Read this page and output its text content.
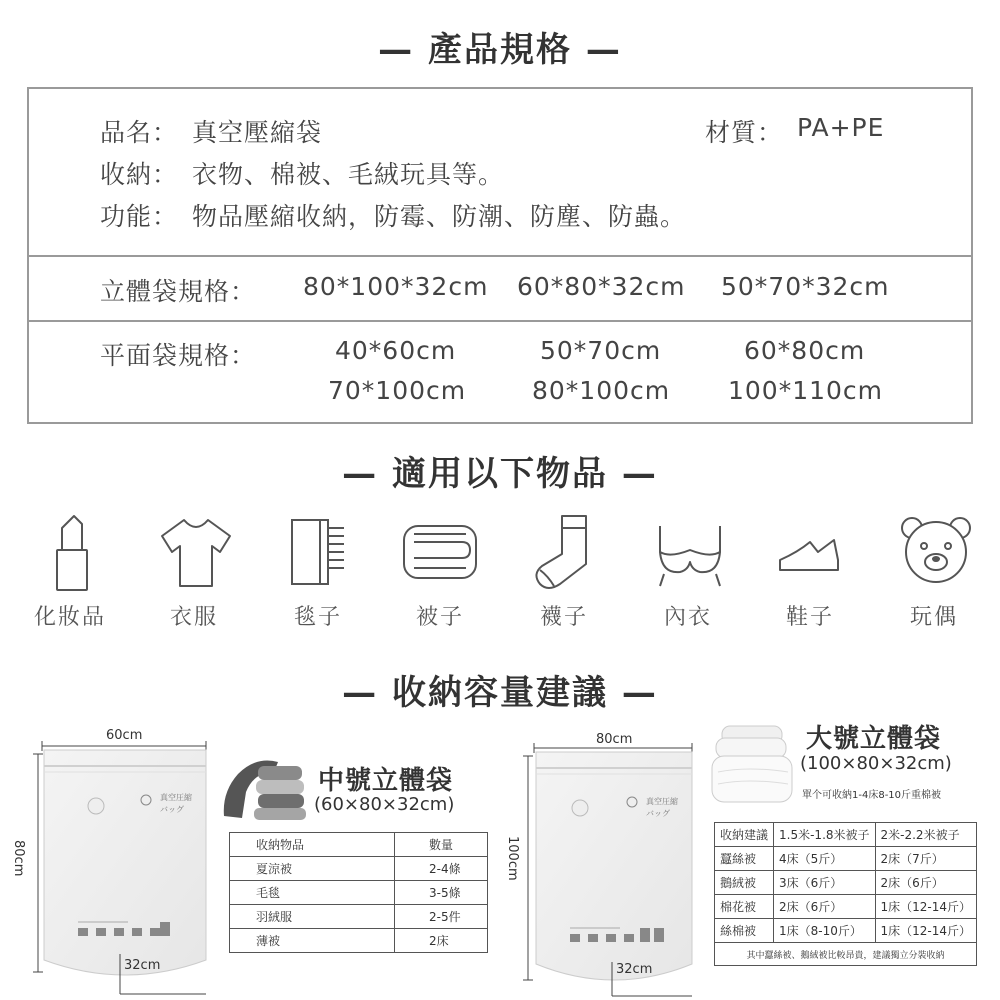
— 產品規格 —
品名： 真空壓縮袋	材質： PA+PE
收納： 衣物、棉被、毛絨玩具等。
功能： 物品壓縮收納，防霉、防潮、防塵、防蟲。
立體袋規格： 80*100*32cm 60*80*32cm 50*70*32cm
平面袋規格：	40*60cm	50*70cm	60*80cm
70*100cm	80*100cm 100*110cm
— 適用以下物品 —
化妝品	衣服	毯子	被子	襪子	內衣	鞋子	玩偶
— 收納容量建議 —
60cm
80cm
32cm
真空圧縮
バッグ
中號立體袋
(60×80×32cm)
收納物品	數量
夏涼被	2-4條
毛毯	3-5條
羽絨服	2-5件
薄被	2床
80cm
100cm
32cm
真空圧縮
バッグ
大號立體袋
(100×80×32cm)
單个可收納1-4床8-10斤重棉被
收納建議	1.5米-1.8米被子	2米-2.2米被子
蠶絲被	4床（5斤）	2床（7斤）
鵝絨被	3床（6斤）	2床（6斤）
棉花被	2床（6斤）	1床（12-14斤）
絲棉被	1床（8-10斤）	1床（12-14斤）
其中蠶絲被、鵝絨被比較昂貴，建議獨立分裝收納		
